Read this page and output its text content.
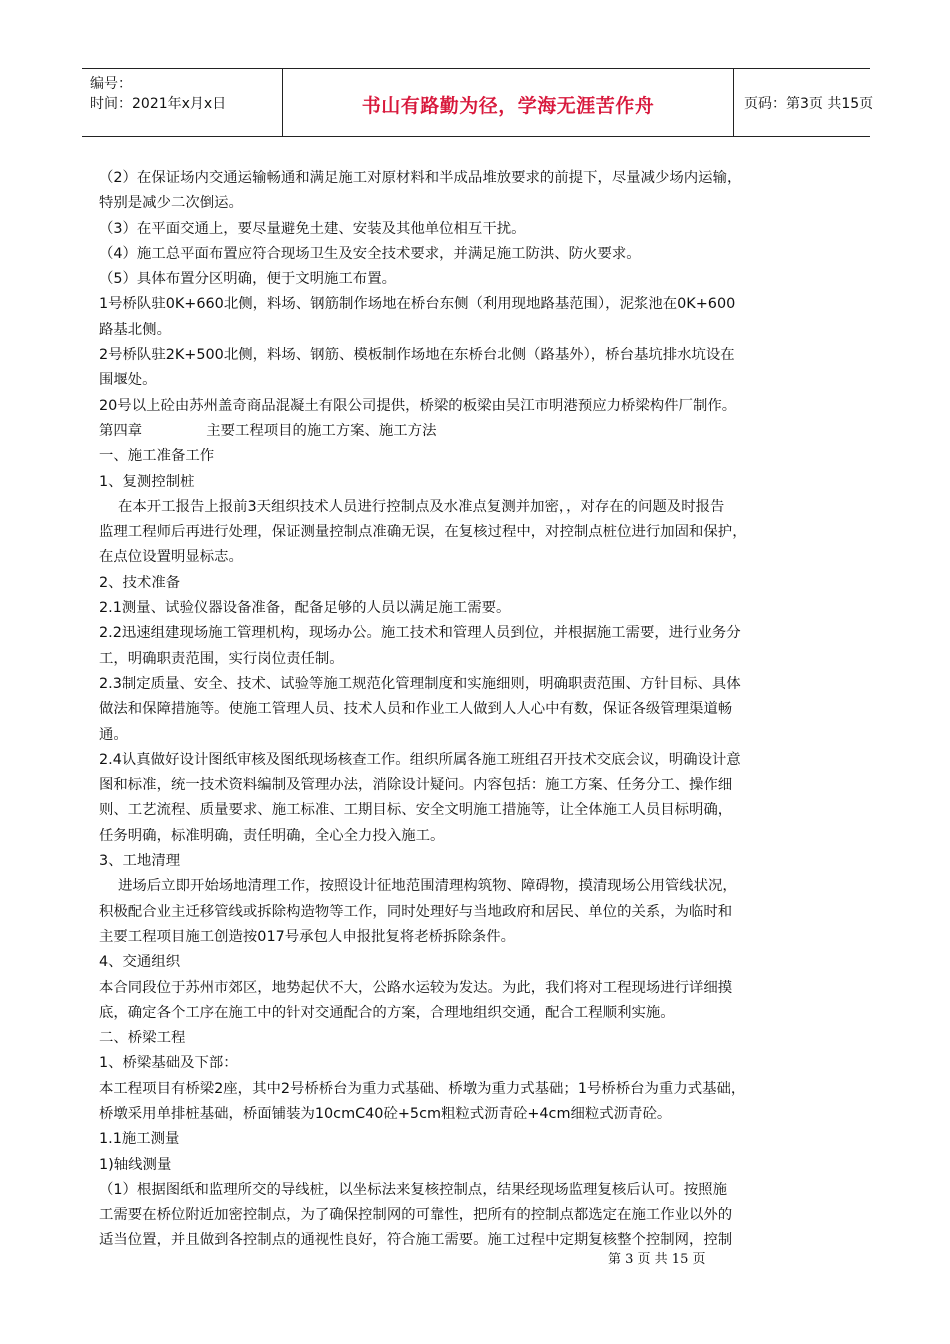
编号：
时间：2021年x月x日	书山有路勤为径，学海无涯苦作舟	页码：第3页 共15页

（2）在保证场内交通运输畅通和满足施工对原材料和半成品堆放要求的前提下，尽量减少场内运输，

特别是减少二次倒运。

（3）在平面交通上，要尽量避免土建、安装及其他单位相互干扰。

（4）施工总平面布置应符合现场卫生及安全技术要求，并满足施工防洪、防火要求。

（5）具体布置分区明确，便于文明施工布置。

1号桥队驻0K+660北侧，料场、钢筋制作场地在桥台东侧（利用现地路基范围），泥浆池在0K+600

路基北侧。

2号桥队驻2K+500北侧，料场、钢筋、模板制作场地在东桥台北侧（路基外），桥台基坑排水坑设在

围堰处。

20号以上砼由苏州盖奇商品混凝土有限公司提供，桥梁的板梁由吴江市明港预应力桥梁构件厂制作。

第四章              主要工程项目的施工方案、施工方法

一、施工准备工作

1、复测控制桩

在本开工报告上报前3天组织技术人员进行控制点及水准点复测并加密，，对存在的问题及时报告

监理工程师后再进行处理，保证测量控制点准确无误，在复核过程中，对控制点桩位进行加固和保护，

在点位设置明显标志。

2、技术准备

2.1测量、试验仪器设备准备，配备足够的人员以满足施工需要。

2.2迅速组建现场施工管理机构，现场办公。施工技术和管理人员到位，并根据施工需要，进行业务分

工，明确职责范围，实行岗位责任制。

2.3制定质量、安全、技术、试验等施工规范化管理制度和实施细则，明确职责范围、方针目标、具体

做法和保障措施等。使施工管理人员、技术人员和作业工人做到人人心中有数，保证各级管理渠道畅

通。

2.4认真做好设计图纸审核及图纸现场核查工作。组织所属各施工班组召开技术交底会议，明确设计意

图和标准，统一技术资料编制及管理办法，消除设计疑问。内容包括：施工方案、任务分工、操作细

则、工艺流程、质量要求、施工标准、工期目标、安全文明施工措施等，让全体施工人员目标明确，

任务明确，标准明确，责任明确，全心全力投入施工。

3、工地清理

进场后立即开始场地清理工作，按照设计征地范围清理构筑物、障碍物，摸清现场公用管线状况，

积极配合业主迁移管线或拆除构造物等工作，同时处理好与当地政府和居民、单位的关系，为临时和

主要工程项目施工创造按017号承包人申报批复将老桥拆除条件。

4、交通组织

本合同段位于苏州市郊区，地势起伏不大，公路水运较为发达。为此，我们将对工程现场进行详细摸

底，确定各个工序在施工中的针对交通配合的方案，合理地组织交通，配合工程顺利实施。

二、桥梁工程

1、桥梁基础及下部：

本工程项目有桥梁2座，其中2号桥桥台为重力式基础、桥墩为重力式基础；1号桥桥台为重力式基础，

桥墩采用单排桩基础，桥面铺装为10cmC40砼+5cm粗粒式沥青砼+4cm细粒式沥青砼。

1.1施工测量

1)轴线测量

（1）根据图纸和监理所交的导线桩，以坐标法来复核控制点，结果经现场监理复核后认可。按照施

工需要在桥位附近加密控制点，为了确保控制网的可靠性，把所有的控制点都选定在施工作业以外的

适当位置，并且做到各控制点的通视性良好，符合施工需要。施工过程中定期复核整个控制网，控制

第 3 页 共 15 页
